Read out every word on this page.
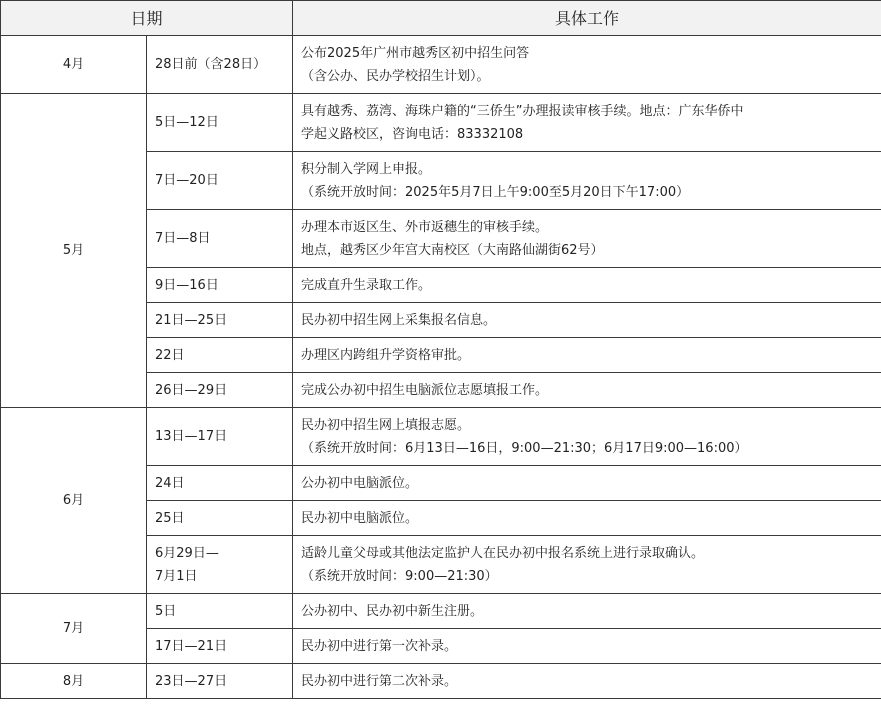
日期		具体工作
4月	28日前（含28日）	公布2025年广州市越秀区初中招生问答
（含公办、民办学校招生计划）。

5月	5日—12日	具有越秀、荔湾、海珠户籍的“三侨生”办理报读审核手续。地点：广东华侨中
学起义路校区，咨询电话：83332108

	7日—20日	积分制入学网上申报。
（系统开放时间：2025年5月7日上午9:00至5月20日下午17:00）

	7日—8日	办理本市返区生、外市返穗生的审核手续。
地点，越秀区少年宫大南校区（大南路仙湖街62号）

	9日—16日	完成直升生录取工作。

	21日—25日	民办初中招生网上采集报名信息。

	22日	办理区内跨组升学资格审批。

	26日—29日	完成公办初中招生电脑派位志愿填报工作。

6月	13日—17日	民办初中招生网上填报志愿。
（系统开放时间：6月13日—16日，9:00—21:30；6月17日9:00—16:00）

	24日	公办初中电脑派位。

	25日	民办初中电脑派位。

	6月29日—
7月1日	适龄儿童父母或其他法定监护人在民办初中报名系统上进行录取确认。
（系统开放时间：9:00—21:30）

7月	5日	公办初中、民办初中新生注册。

	17日—21日	民办初中进行第一次补录。

8月	23日—27日	民办初中进行第二次补录。
